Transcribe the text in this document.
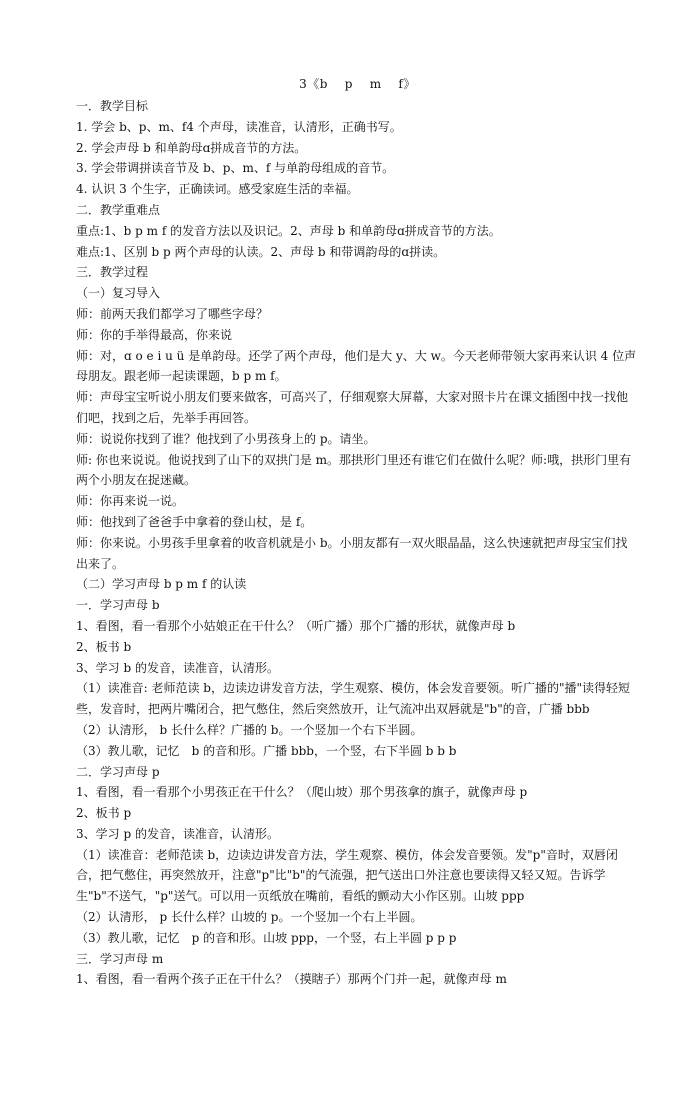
3《b　 p 　m　 f》

一．教学目标

1. 学会 b、p、m、f4 个声母，读准音，认清形，正确书写。

2. 学会声母 b 和单韵母ɑ拼成音节的方法。

3. 学会带调拼读音节及 b、p、m、f 与单韵母组成的音节。

4. 认识 3 个生字，正确读词。感受家庭生活的幸福。

二．教学重难点

重点:1、b p m f 的发音方法以及识记。2、声母 b 和单韵母ɑ拼成音节的方法。

难点:1、区别 b p 两个声母的认读。2、声母 b 和带调韵母的ɑ拼读。

三．教学过程

（一）复习导入

师：前两天我们都学习了哪些字母？

师：你的手举得最高，你来说

师：对，ɑ o e i u ü 是单韵母。还学了两个声母，他们是大 y、大 w。今天老师带领大家再来认识 4 位声母朋友。跟老师一起读课题，b p m f。

师：声母宝宝听说小朋友们要来做客，可高兴了，仔细观察大屏幕，大家对照卡片在课文插图中找一找他们吧，找到之后，先举手再回答。

师：说说你找到了谁？他找到了小男孩身上的 p。请坐。

师: 你也来说说。他说找到了山下的双拱门是 m。那拱形门里还有谁它们在做什么呢？师:哦，拱形门里有两个小朋友在捉迷藏。

师：你再来说一说。

师：他找到了爸爸手中拿着的登山杖，是 f。

师：你来说。小男孩手里拿着的收音机就是小 b。小朋友都有一双火眼晶晶，这么快速就把声母宝宝们找出来了。

（二）学习声母 b p m f 的认读

一．学习声母 b

1、看图，看一看那个小姑娘正在干什么？（听广播）那个广播的形状，就像声母 b

2、板书 b

3、学习 b 的发音，读准音，认清形。

（1）读准音: 老师范读 b，边读边讲发音方法，学生观察、模仿，体会发音要领。听广播的"播"读得轻短些，发音时，把两片嘴闭合，把气憋住，然后突然放开，让气流冲出双唇就是"b"的音，广播 bbb

（2）认清形， b 长什么样？广播的 b。一个竖加一个右下半圆。

（3）教儿歌，记忆　b 的音和形。广播 bbb，一个竖，右下半圆 b b b

二．学习声母 p

1、看图，看一看那个小男孩正在干什么？（爬山坡）那个男孩拿的旗子，就像声母 p

2、板书 p

3、学习 p 的发音，读准音，认清形。

（1）读准音：老师范读 b，边读边讲发音方法，学生观察、模仿，体会发音要领。发"p"音时，双唇闭合，把气憋住，再突然放开，注意"p"比"b"的气流强，把气送出口外注意也要读得又轻又短。告诉学生"b"不送气，"p"送气。可以用一页纸放在嘴前，看纸的颤动大小作区别。山坡 ppp

（2）认清形， p 长什么样？山坡的 p。一个竖加一个右上半圆。

（3）教儿歌，记忆　p 的音和形。山坡 ppp，一个竖，右上半圆 p p p

三．学习声母 m

1、看图，看一看两个孩子正在干什么？（摸瞎子）那两个门并一起，就像声母 m
